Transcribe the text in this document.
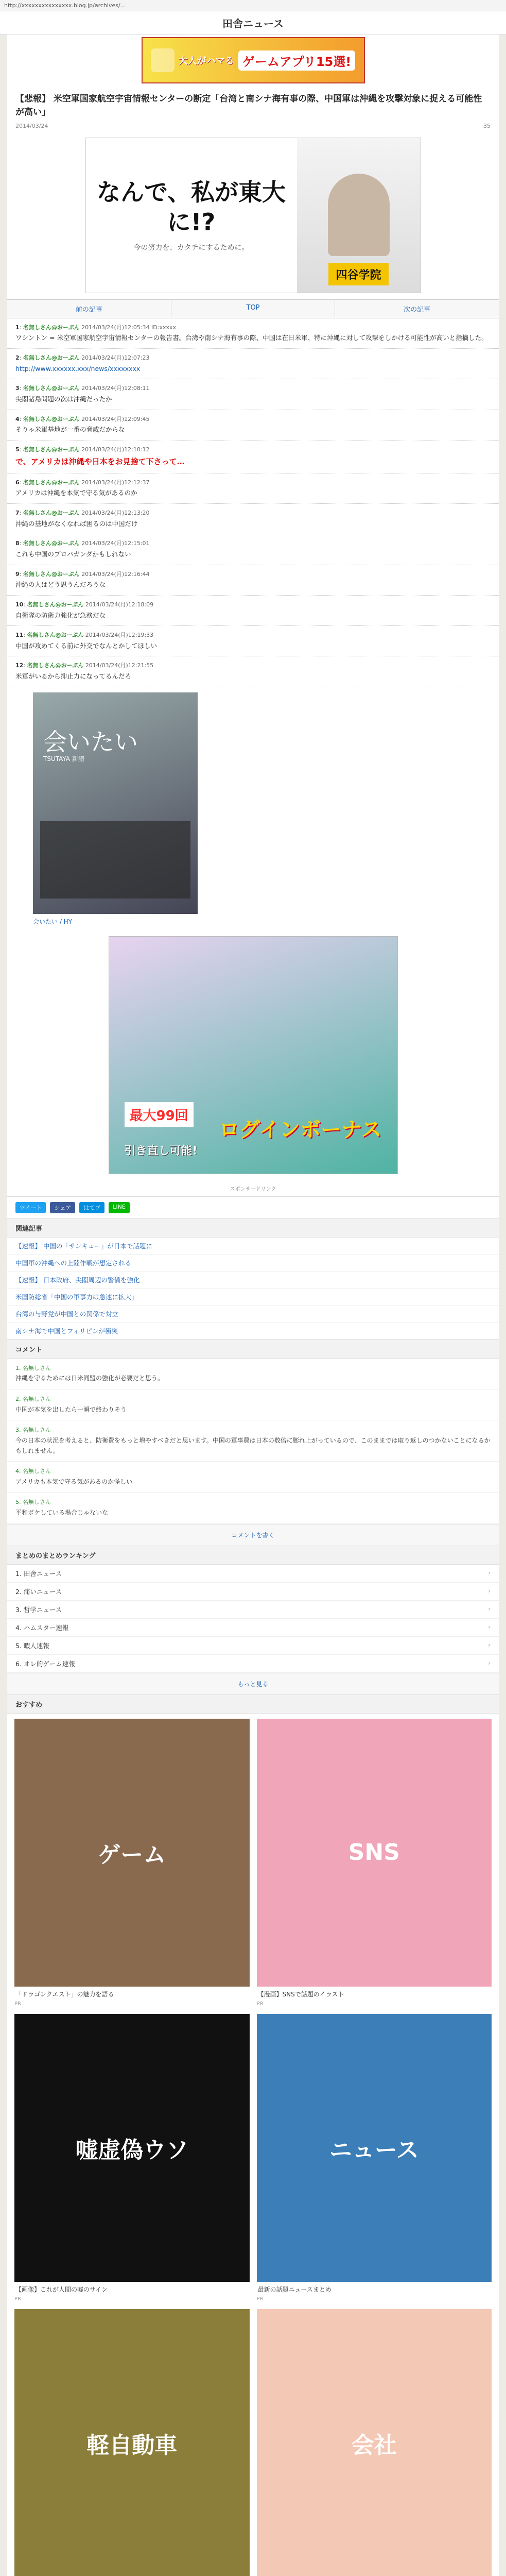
http://xxxxxxxxxxxxxxx.blog.jp/archives/...
田舎ニュース
大人がハマる ゲームアプリ15選!
【悲報】 米空軍国家航空宇宙情報センターの断定「台湾と南シナ海有事の際、中国軍は沖縄を攻撃対象に捉える可能性が高い」
2014/03/24	35
なんで、私が東大に!?
今の努力を、カタチにするために。
四谷学院
前の記事	TOP	次の記事
1: 名無しさん@おーぷん 2014/03/24(月)12:05:34 ID:xxxxx
ワシントン = 米空軍国家航空宇宙情報センターの報告書。台湾や南シナ海有事の際、中国は在日米軍、特に沖縄に対して攻撃をしかける可能性が高いと指摘した。
2: 名無しさん@おーぷん 2014/03/24(月)12:07:23
http://www.xxxxxx.xxx/news/xxxxxxxx
3: 名無しさん@おーぷん 2014/03/24(月)12:08:11
尖閣諸島問題の次は沖縄だったか
4: 名無しさん@おーぷん 2014/03/24(月)12:09:45
そりゃ米軍基地が一番の脅威だからな
5: 名無しさん@おーぷん 2014/03/24(月)12:10:12
で、アメリカは沖縄や日本をお見捨て下さって…
6: 名無しさん@おーぷん 2014/03/24(月)12:12:37
アメリカは沖縄を本気で守る気があるのか
7: 名無しさん@おーぷん 2014/03/24(月)12:13:20
沖縄の基地がなくなれば困るのは中国だけ
8: 名無しさん@おーぷん 2014/03/24(月)12:15:01
これも中国のプロパガンダかもしれない
9: 名無しさん@おーぷん 2014/03/24(月)12:16:44
沖縄の人はどう思うんだろうな
10: 名無しさん@おーぷん 2014/03/24(月)12:18:09
自衛隊の防衛力強化が急務だな
11: 名無しさん@おーぷん 2014/03/24(月)12:19:33
中国が攻めてくる前に外交でなんとかしてほしい
12: 名無しさん@おーぷん 2014/03/24(月)12:21:55
米軍がいるから抑止力になってるんだろ
会いたい
TSUTAYA 新譜
会いたい / HY
ログインボーナス
最大99回
引き直し可能!
スポンサードリンク
ツイート	シェア	はてブ	LINE
関連記事
【速報】 中国の「サンキュー」が日本で話題に
中国軍の沖縄への上陸作戦が想定される
【速報】 日本政府、尖閣周辺の警備を強化
米国防総省「中国の軍事力は急速に拡大」
台湾の与野党が中国との関係で対立
南シナ海で中国とフィリピンが衝突
コメント
1. 名無しさん
沖縄を守るためには日米同盟の強化が必要だと思う。
2. 名無しさん
中国が本気を出したら一瞬で終わりそう
3. 名無しさん
今の日本の状況を考えると、防衛費をもっと増やすべきだと思います。中国の軍事費は日本の数倍に膨れ上がっているので、このままでは取り返しのつかないことになるかもしれません。
4. 名無しさん
アメリカも本気で守る気があるのか怪しい
5. 名無しさん
平和ボケしている場合じゃないな
コメントを書く
まとめのまとめランキング
1. 田舎ニュース	›
2. 痛いニュース	›
3. 哲学ニュース	›
4. ハムスター速報	›
5. 暇人速報	›
6. オレ的ゲーム速報	›
もっと見る
おすすめ
ゲーム
「ドラゴンクエスト」の魅力を語る
PR
SNS
【漫画】SNSで話題のイラスト
PR
嘘虚偽ウソ
【画像】これが人間の嘘のサイン
PR
ニュース
最新の話題ニュースまとめ
PR
軽自動車	会社
